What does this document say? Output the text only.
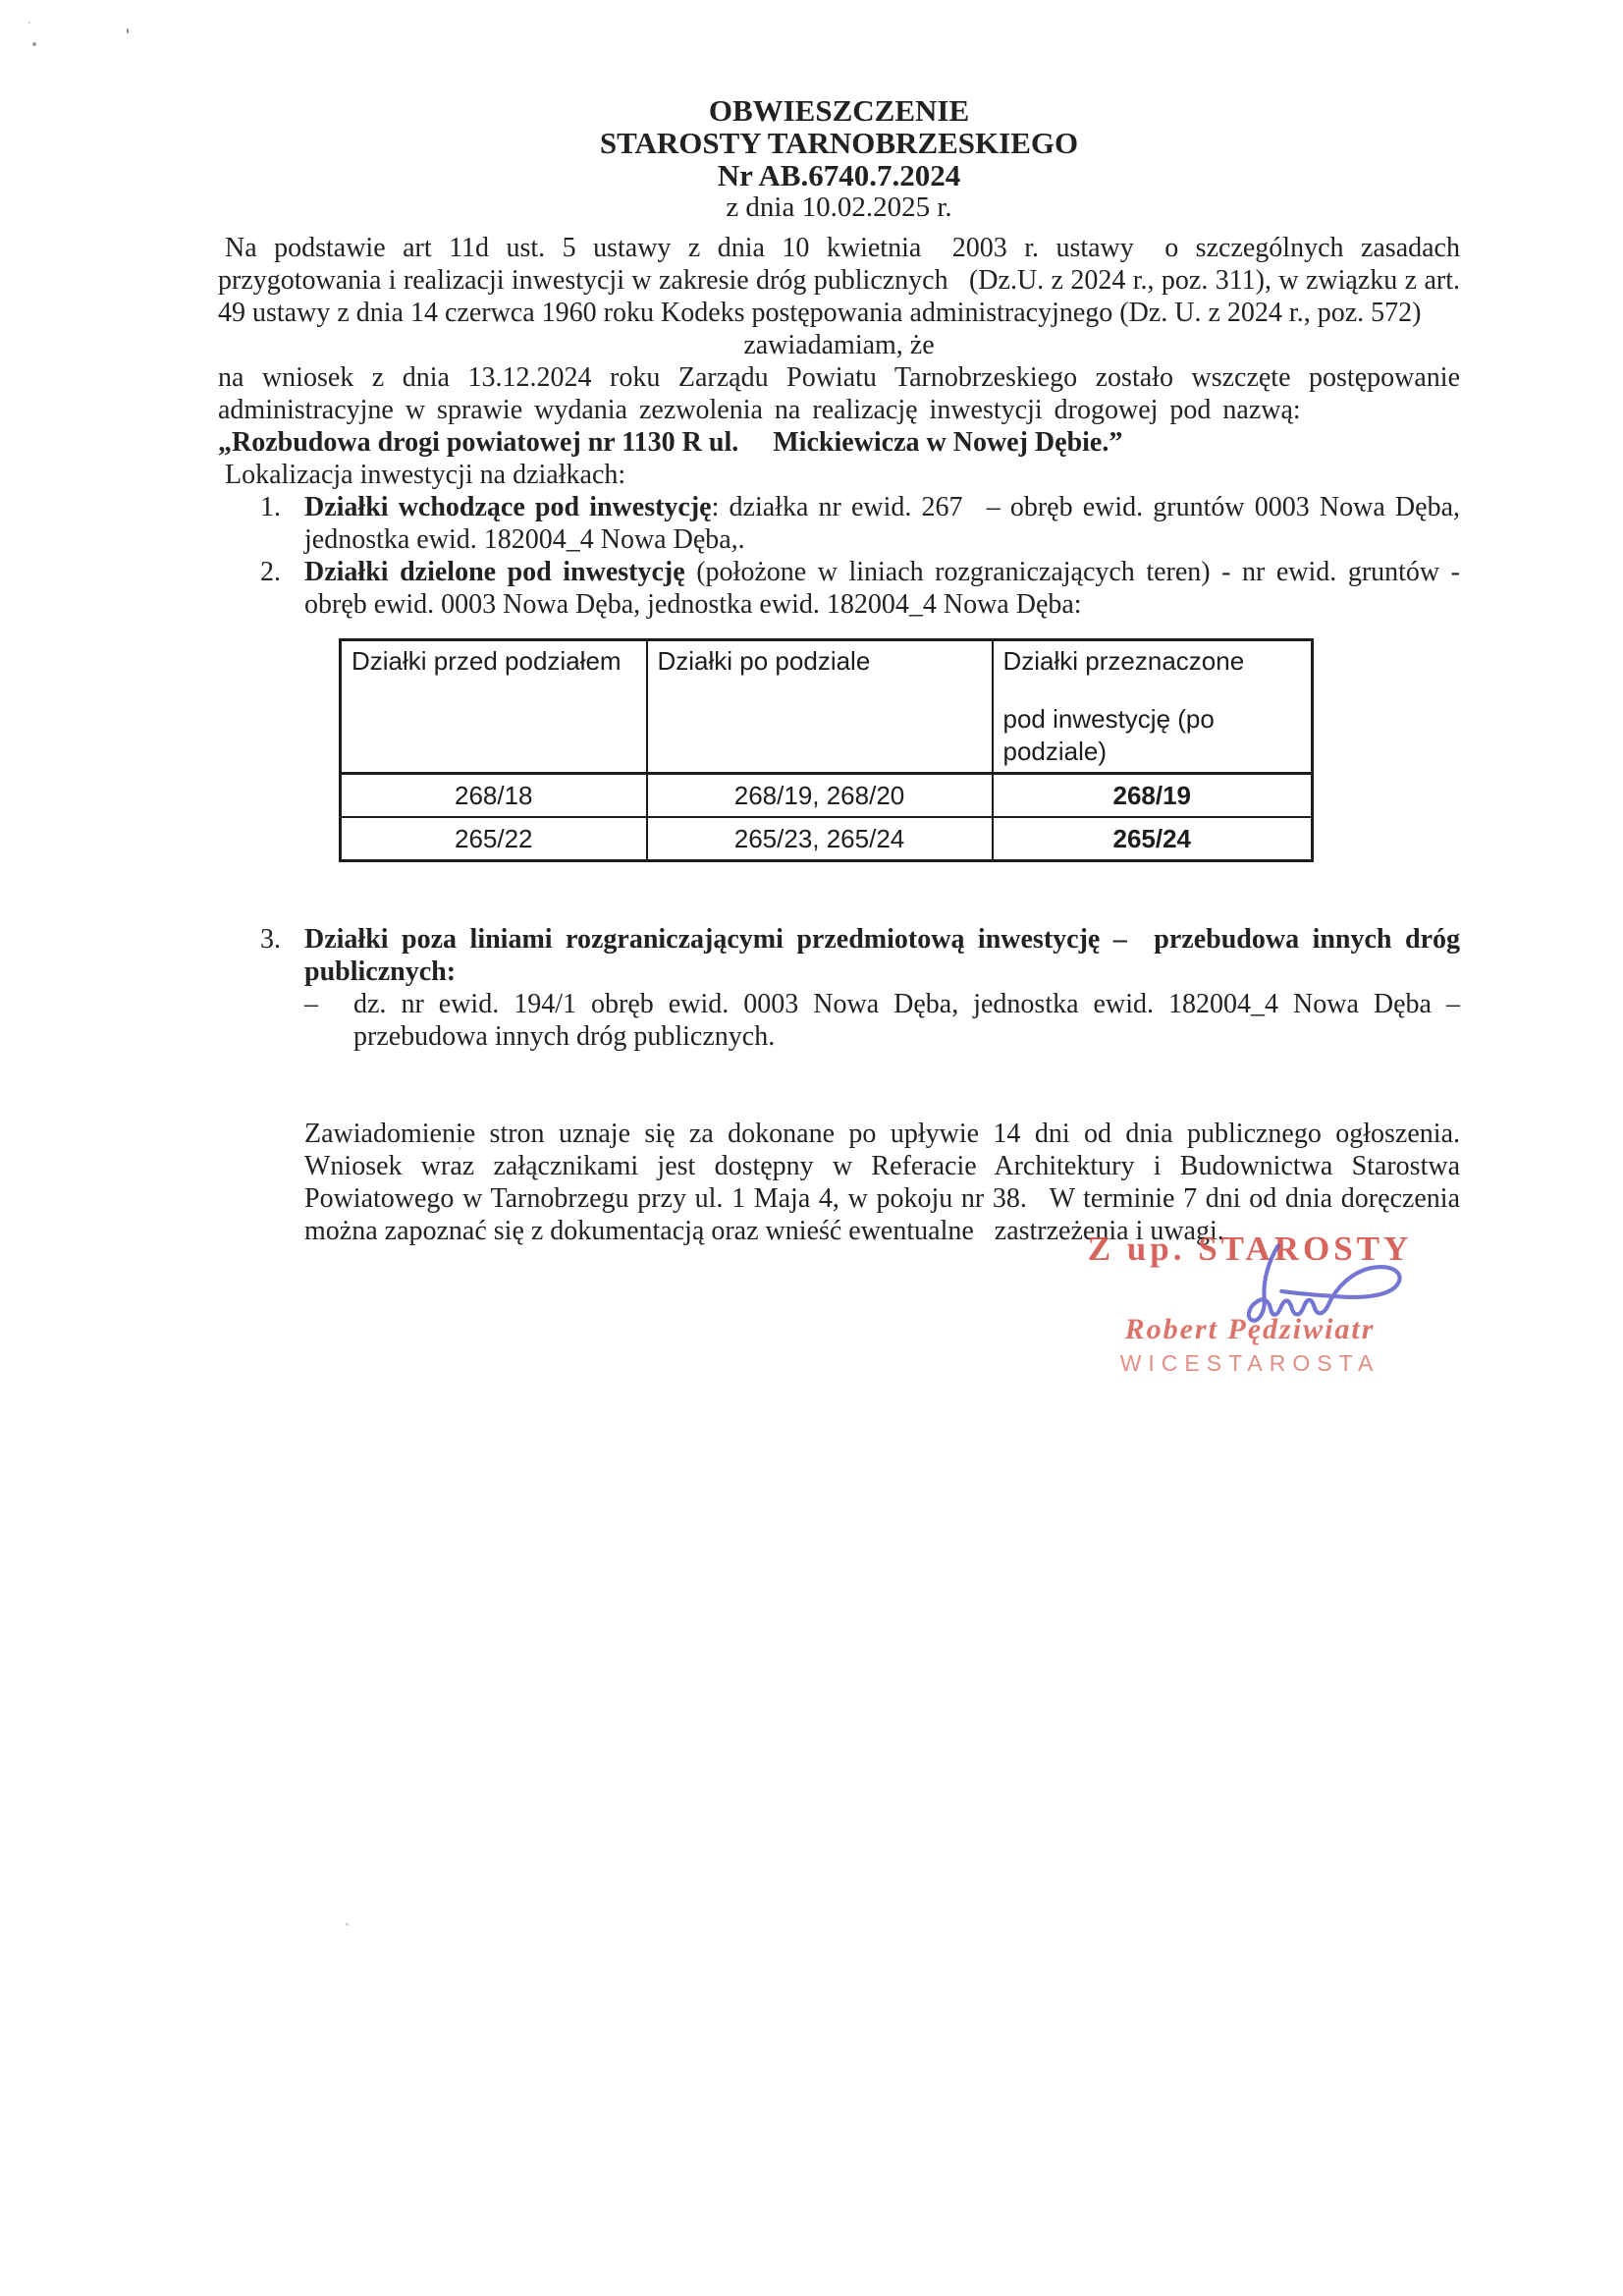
OBWIESZCZENIE
STAROSTY TARNOBRZESKIEGO
Nr AB.6740.7.2024
z dnia 10.02.2025 r.
Na podstawie art 11d ust. 5 ustawy z dnia 10 kwietnia  2003 r. ustawy  o szczególnych zasadach przygotowania i realizacji inwestycji w zakresie dróg publicznych  (Dz.U. z 2024 r., poz. 311), w związku z art. 49 ustawy z dnia 14 czerwca 1960 roku Kodeks postępowania administracyjnego (Dz. U. z 2024 r., poz. 572)
zawiadamiam, że
na wniosek z dnia 13.12.2024 roku Zarządu Powiatu Tarnobrzeskiego zostało wszczęte postępowanie administracyjne w sprawie wydania zezwolenia na realizację inwestycji drogowej pod nazwą:
„Rozbudowa drogi powiatowej nr 1130 R ul.  Mickiewicza w Nowej Dębie.”
Lokalizacja inwestycji na działkach:
1. Działki wchodzące pod inwestycję: działka nr ewid. 267  – obręb ewid. gruntów 0003 Nowa Dęba, jednostka ewid. 182004_4 Nowa Dęba,.
2. Działki dzielone pod inwestycję (położone w liniach rozgraniczających teren) - nr ewid. gruntów - obręb ewid. 0003 Nowa Dęba, jednostka ewid. 182004_4 Nowa Dęba:
Działki przed podziałem	Działki po podziale	Działki przeznaczone
pod inwestycję (po podziale)

268/18	268/19, 268/20	268/19
265/22	265/23, 265/24	265/24
3. Działki poza liniami rozgraniczającymi przedmiotową inwestycję –  przebudowa innych dróg publicznych:
–	dz. nr ewid. 194/1 obręb ewid. 0003 Nowa Dęba, jednostka ewid. 182004_4 Nowa Dęba – przebudowa innych dróg publicznych.
Zawiadomienie stron uznaje się za dokonane po upływie 14 dni od dnia publicznego ogłoszenia. Wniosek wraz załącznikami jest dostępny w Referacie Architektury i Budownictwa Starostwa Powiatowego w Tarnobrzegu przy ul. 1 Maja 4, w pokoju nr 38.  W terminie 7 dni od dnia doręczenia można zapoznać się z dokumentacją oraz wnieść ewentualne  zastrzeżenia i uwagi.
Z up. STAROSTY
Robert Pędziwiatr
WICESTAROSTA
